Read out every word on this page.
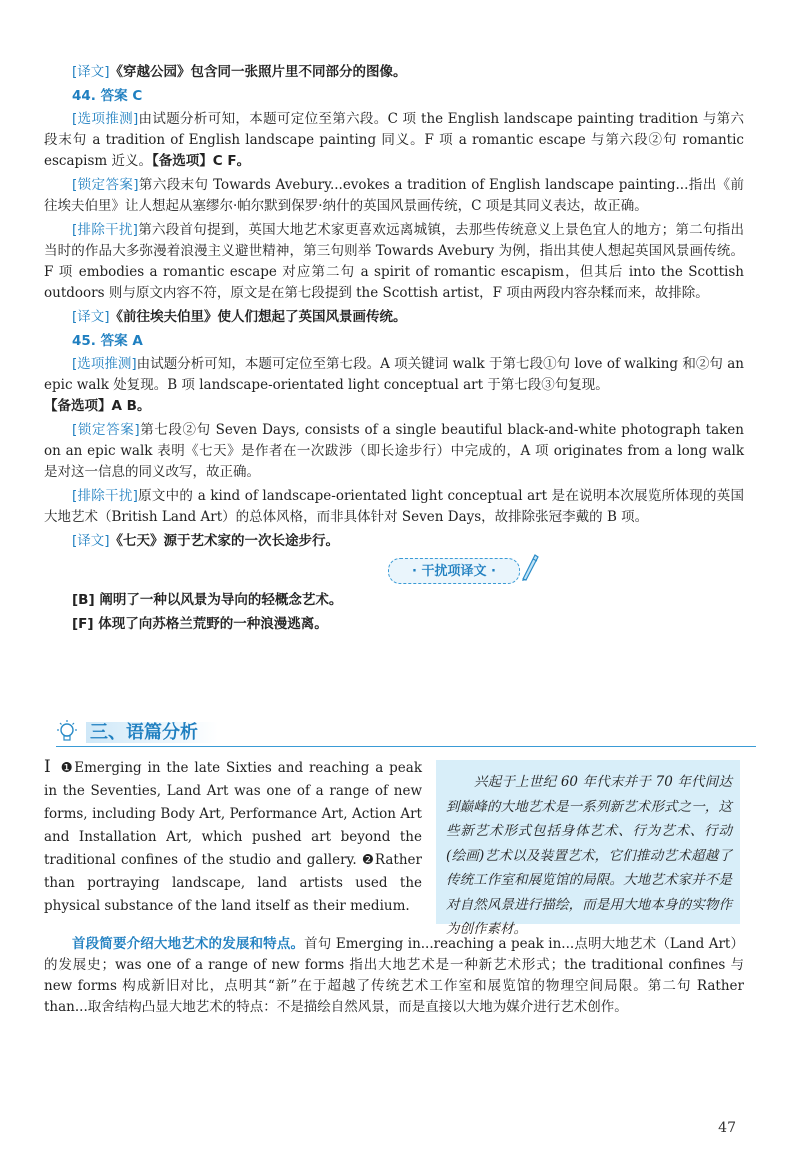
[译文]《穿越公园》包含同一张照片里不同部分的图像。

44. 答案 C

[选项推测]由试题分析可知，本题可定位至第六段。C 项 the English landscape painting tradition 与第六段末句 a tradition of English landscape painting 同义。F 项 a romantic escape 与第六段②句 romantic escapism 近义。【备选项】C F。

[锁定答案]第六段末句 Towards Avebury...evokes a tradition of English landscape painting...指出《前往埃夫伯里》让人想起从塞缪尔·帕尔默到保罗·纳什的英国风景画传统，C 项是其同义表达，故正确。

[排除干扰]第六段首句提到，英国大地艺术家更喜欢远离城镇，去那些传统意义上景色宜人的地方；第二句指出当时的作品大多弥漫着浪漫主义避世精神，第三句则举 Towards Avebury 为例，指出其使人想起英国风景画传统。F 项 embodies a romantic escape 对应第二句 a spirit of romantic escapism，但其后 into the Scottish outdoors 则与原文内容不符，原文是在第七段提到 the Scottish artist，F 项由两段内容杂糅而来，故排除。

[译文]《前往埃夫伯里》使人们想起了英国风景画传统。

45. 答案 A

[选项推测]由试题分析可知，本题可定位至第七段。A 项关键词 walk 于第七段①句 love of walking 和②句 an epic walk 处复现。B 项 landscape-orientated light conceptual art 于第七段③句复现。
【备选项】A B。

[锁定答案]第七段②句 Seven Days, consists of a single beautiful black-and-white photograph taken on an epic walk 表明《七天》是作者在一次跋涉（即长途步行）中完成的，A 项 originates from a long walk 是对这一信息的同义改写，故正确。

[排除干扰]原文中的 a kind of landscape-orientated light conceptual art 是在说明本次展览所体现的英国大地艺术（British Land Art）的总体风格，而非具体针对 Seven Days，故排除张冠李戴的 B 项。

[译文]《七天》源于艺术家的一次长途步行。

· 干扰项译文 ·

[B] 阐明了一种以风景为导向的轻概念艺术。

[F] 体现了向苏格兰荒野的一种浪漫逃离。

三、语篇分析
I ❶Emerging in the late Sixties and reaching a peak in the Seventies, Land Art was one of a range of new forms, including Body Art, Performance Art, Action Art and Installation Art, which pushed art beyond the traditional confines of the studio and gallery. ❷Rather than portraying landscape, land artists used the physical substance of the land itself as their medium.
兴起于上世纪 60 年代末并于 70 年代间达到巅峰的大地艺术是一系列新艺术形式之一，这些新艺术形式包括身体艺术、行为艺术、行动(绘画)艺术以及装置艺术，它们推动艺术超越了传统工作室和展览馆的局限。大地艺术家并不是对自然风景进行描绘，而是用大地本身的实物作为创作素材。

首段简要介绍大地艺术的发展和特点。首句 Emerging in...reaching a peak in...点明大地艺术（Land Art）的发展史；was one of a range of new forms 指出大地艺术是一种新艺术形式；the traditional confines 与 new forms 构成新旧对比，点明其“新”在于超越了传统艺术工作室和展览馆的物理空间局限。第二句 Rather than...取舍结构凸显大地艺术的特点：不是描绘自然风景，而是直接以大地为媒介进行艺术创作。

47
